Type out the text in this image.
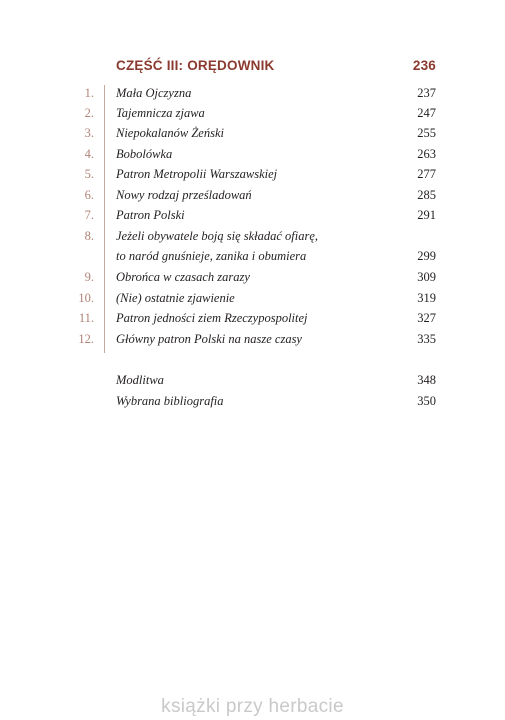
CZĘŚĆ III: ORĘDOWNIK	236
1. Mała Ojczyzna	237
2. Tajemnicza zjawa	247
3. Niepokalanów Żeński	255
4. Bobolówka	263
5. Patron Metropolii Warszawskiej	277
6. Nowy rodzaj prześladowań	285
7. Patron Polski	291
8. Jeżeli obywatele boją się składać ofiarę,
to naród gnuśnieje, zanika i obumiera	299
9. Obrońca w czasach zarazy	309
10. (Nie) ostatnie zjawienie	319
11. Patron jedności ziem Rzeczypospolitej	327
12. Główny patron Polski na nasze czasy	335
Modlitwa	348
Wybrana bibliografia	350
książki przy herbacie
